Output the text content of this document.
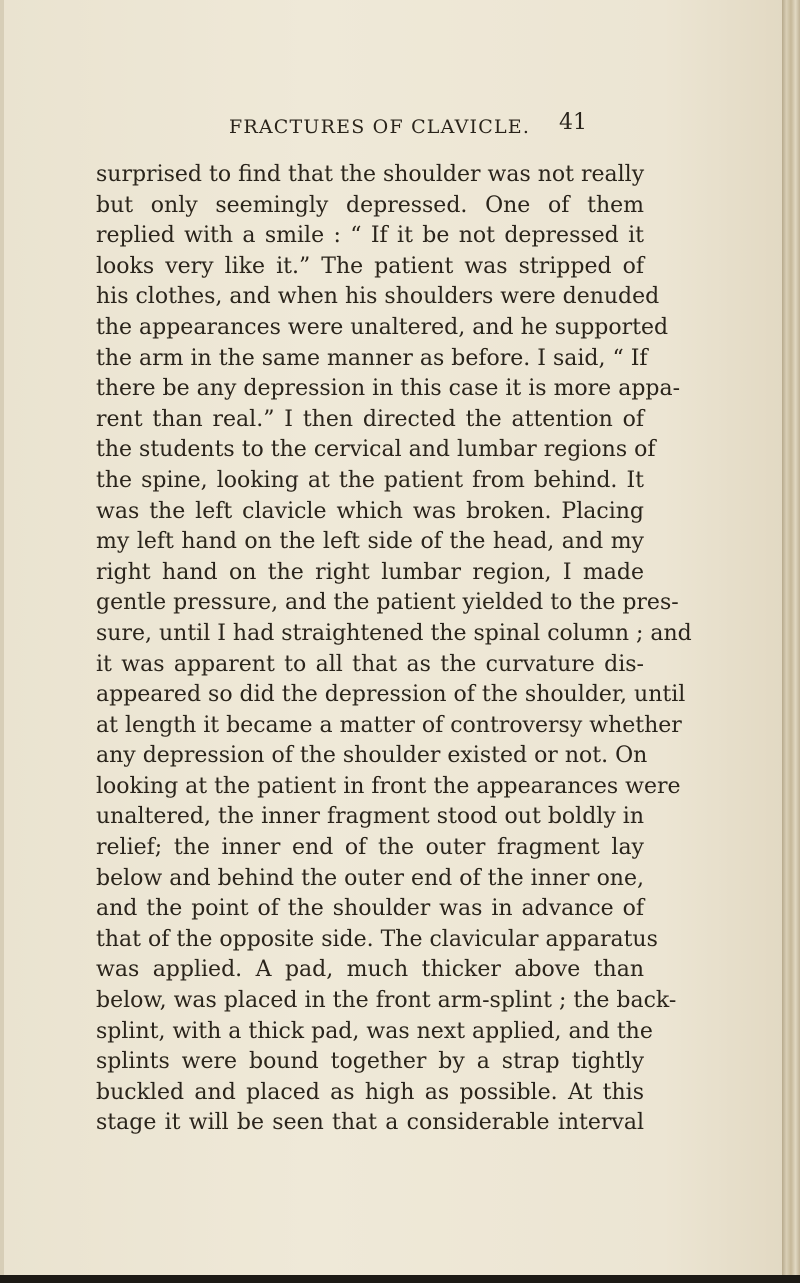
FRACTURES OF CLAVICLE. 41
surprised to find that the shoulder was not really
but only seemingly depressed. One of them
replied with a smile : “ If it be not depressed it
looks very like it.” The patient was stripped of
his clothes, and when his shoulders were denuded
the appearances were unaltered, and he supported
the arm in the same manner as before. I said, “ If
there be any depression in this case it is more appa-
rent than real.” I then directed the attention of
the students to the cervical and lumbar regions of
the spine, looking at the patient from behind. It
was the left clavicle which was broken. Placing
my left hand on the left side of the head, and my
right hand on the right lumbar region, I made
gentle pressure, and the patient yielded to the pres-
sure, until I had straightened the spinal column ; and
it was apparent to all that as the curvature dis-
appeared so did the depression of the shoulder, until
at length it became a matter of controversy whether
any depression of the shoulder existed or not. On
looking at the patient in front the appearances were
unaltered, the inner fragment stood out boldly in
relief; the inner end of the outer fragment lay
below and behind the outer end of the inner one,
and the point of the shoulder was in advance of
that of the opposite side. The clavicular apparatus
was applied. A pad, much thicker above than
below, was placed in the front arm-splint ; the back-
splint, with a thick pad, was next applied, and the
splints were bound together by a strap tightly
buckled and placed as high as possible. At this
stage it will be seen that a considerable interval
